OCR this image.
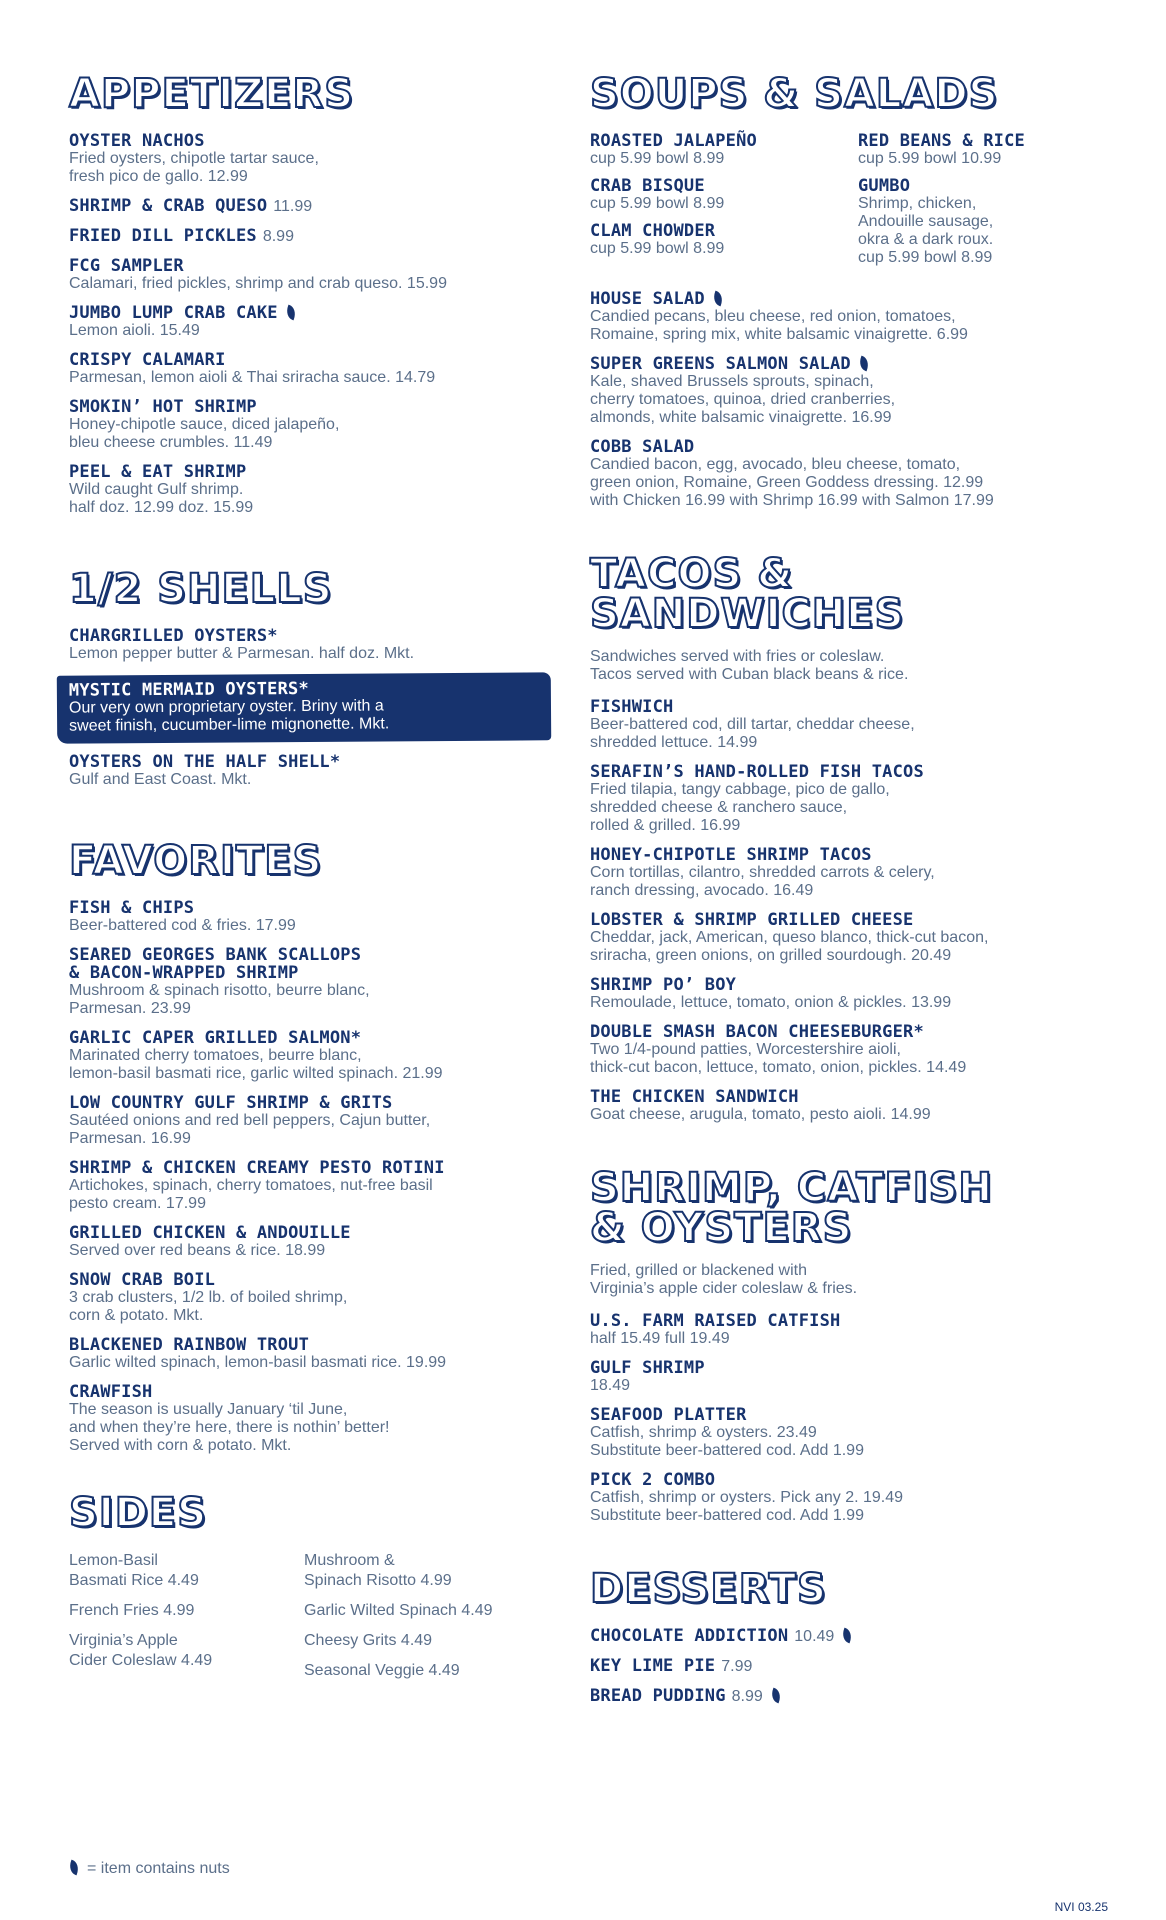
APPETIZERS
OYSTER NACHOS
Fried oysters, chipotle tartar sauce,
fresh pico de gallo. 12.99
SHRIMP & CRAB QUESO 11.99
FRIED DILL PICKLES 8.99
FCG SAMPLER
Calamari, fried pickles, shrimp and crab queso. 15.99
JUMBO LUMP CRAB CAKE
Lemon aioli. 15.49
CRISPY CALAMARI
Parmesan, lemon aioli & Thai sriracha sauce. 14.79
SMOKIN’ HOT SHRIMP
Honey-chipotle sauce, diced jalapeño,
bleu cheese crumbles. 11.49
PEEL & EAT SHRIMP
Wild caught Gulf shrimp.
half doz. 12.99 doz. 15.99
1/2 SHELLS
CHARGRILLED OYSTERS*
Lemon pepper butter & Parmesan. half doz. Mkt.
MYSTIC MERMAID OYSTERS*
Our very own proprietary oyster. Briny with a
sweet finish, cucumber-lime mignonette. Mkt.
OYSTERS ON THE HALF SHELL*
Gulf and East Coast. Mkt.
FAVORITES
FISH & CHIPS
Beer-battered cod & fries. 17.99
SEARED GEORGES BANK SCALLOPS
& BACON-WRAPPED SHRIMP
Mushroom & spinach risotto, beurre blanc,
Parmesan. 23.99
GARLIC CAPER GRILLED SALMON*
Marinated cherry tomatoes, beurre blanc,
lemon-basil basmati rice, garlic wilted spinach. 21.99
LOW COUNTRY GULF SHRIMP & GRITS
Sautéed onions and red bell peppers, Cajun butter,
Parmesan. 16.99
SHRIMP & CHICKEN CREAMY PESTO ROTINI
Artichokes, spinach, cherry tomatoes, nut-free basil
pesto cream. 17.99
GRILLED CHICKEN & ANDOUILLE
Served over red beans & rice. 18.99
SNOW CRAB BOIL
3 crab clusters, 1/2 lb. of boiled shrimp,
corn & potato. Mkt.
BLACKENED RAINBOW TROUT
Garlic wilted spinach, lemon-basil basmati rice. 19.99
CRAWFISH
The season is usually January ‘til June,
and when they’re here, there is nothin’ better!
Served with corn & potato. Mkt.
SIDES
Lemon-Basil
Basmati Rice 4.49
French Fries 4.99
Virginia’s Apple
Cider Coleslaw 4.49
Mushroom &
Spinach Risotto 4.99
Garlic Wilted Spinach 4.49
Cheesy Grits 4.49
Seasonal Veggie 4.49
SOUPS & SALADS
ROASTED JALAPEÑO
cup 5.99 bowl 8.99
CRAB BISQUE
cup 5.99 bowl 8.99
CLAM CHOWDER
cup 5.99 bowl 8.99
RED BEANS & RICE
cup 5.99 bowl 10.99
GUMBO
Shrimp, chicken,
Andouille sausage,
okra & a dark roux.
cup 5.99 bowl 8.99
HOUSE SALAD
Candied pecans, bleu cheese, red onion, tomatoes,
Romaine, spring mix, white balsamic vinaigrette. 6.99
SUPER GREENS SALMON SALAD
Kale, shaved Brussels sprouts, spinach,
cherry tomatoes, quinoa, dried cranberries,
almonds, white balsamic vinaigrette. 16.99
COBB SALAD
Candied bacon, egg, avocado, bleu cheese, tomato,
green onion, Romaine, Green Goddess dressing. 12.99
with Chicken 16.99 with Shrimp 16.99 with Salmon 17.99
TACOS & SANDWICHES
Sandwiches served with fries or coleslaw.
Tacos served with Cuban black beans & rice.
FISHWICH
Beer-battered cod, dill tartar, cheddar cheese,
shredded lettuce. 14.99
SERAFIN’S HAND-ROLLED FISH TACOS
Fried tilapia, tangy cabbage, pico de gallo,
shredded cheese & ranchero sauce,
rolled & grilled. 16.99
HONEY-CHIPOTLE SHRIMP TACOS
Corn tortillas, cilantro, shredded carrots & celery,
ranch dressing, avocado. 16.49
LOBSTER & SHRIMP GRILLED CHEESE
Cheddar, jack, American, queso blanco, thick-cut bacon,
sriracha, green onions, on grilled sourdough. 20.49
SHRIMP PO’ BOY
Remoulade, lettuce, tomato, onion & pickles. 13.99
DOUBLE SMASH BACON CHEESEBURGER*
Two 1/4-pound patties, Worcestershire aioli,
thick-cut bacon, lettuce, tomato, onion, pickles. 14.49
THE CHICKEN SANDWICH
Goat cheese, arugula, tomato, pesto aioli. 14.99
SHRIMP, CATFISH
& OYSTERS
Fried, grilled or blackened with
Virginia’s apple cider coleslaw & fries.
U.S. FARM RAISED CATFISH
half 15.49 full 19.49
GULF SHRIMP
18.49
SEAFOOD PLATTER
Catfish, shrimp & oysters. 23.49
Substitute beer-battered cod. Add 1.99
PICK 2 COMBO
Catfish, shrimp or oysters. Pick any 2. 19.49
Substitute beer-battered cod. Add 1.99
DESSERTS
CHOCOLATE ADDICTION 10.49
KEY LIME PIE 7.99
BREAD PUDDING 8.99
= item contains nuts
NVI 03.25
